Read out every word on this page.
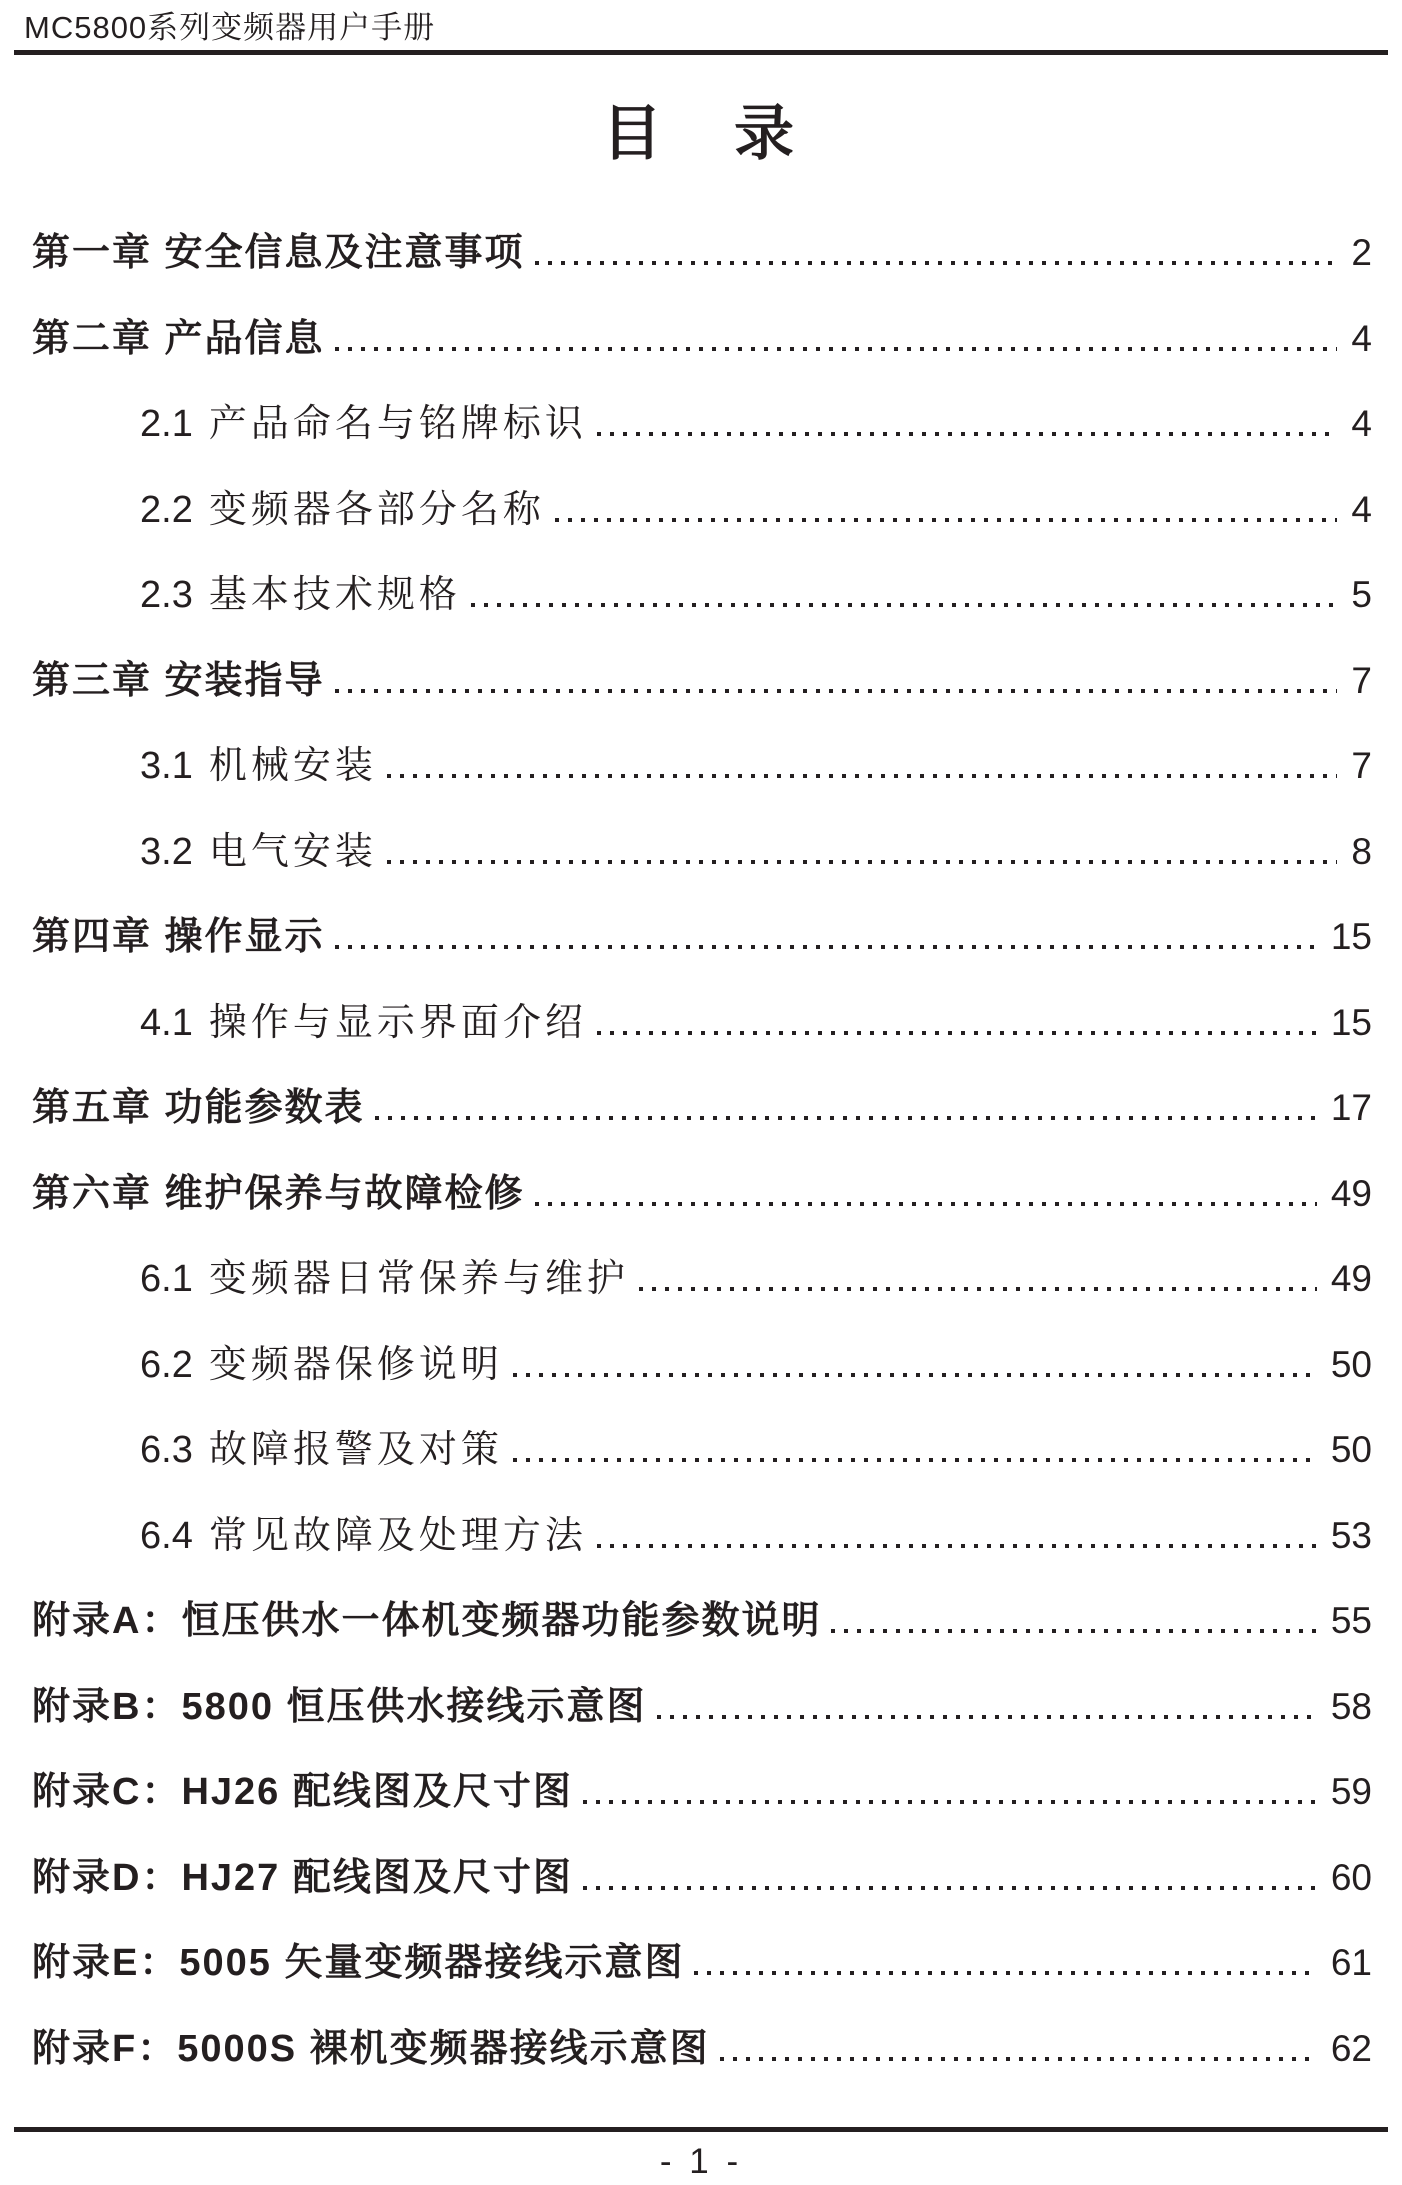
MC5800系列变频器用户手册
目　录
第一章 安全信息及注意事项	2
第二章 产品信息	4
2.1 产品命名与铭牌标识	4
2.2 变频器各部分名称	4
2.3 基本技术规格	5
第三章 安装指导	7
3.1 机械安装	7
3.2 电气安装	8
第四章 操作显示	15
4.1 操作与显示界面介绍	15
第五章 功能参数表	17
第六章 维护保养与故障检修	49
6.1 变频器日常保养与维护	49
6.2 变频器保修说明	50
6.3 故障报警及对策	50
6.4 常见故障及处理方法	53
附录A：恒压供水一体机变频器功能参数说明	55
附录B：5800 恒压供水接线示意图	58
附录C：HJ26 配线图及尺寸图	59
附录D：HJ27 配线图及尺寸图	60
附录E：5005 矢量变频器接线示意图	61
附录F：5000S 裸机变频器接线示意图	62
- 1 -
